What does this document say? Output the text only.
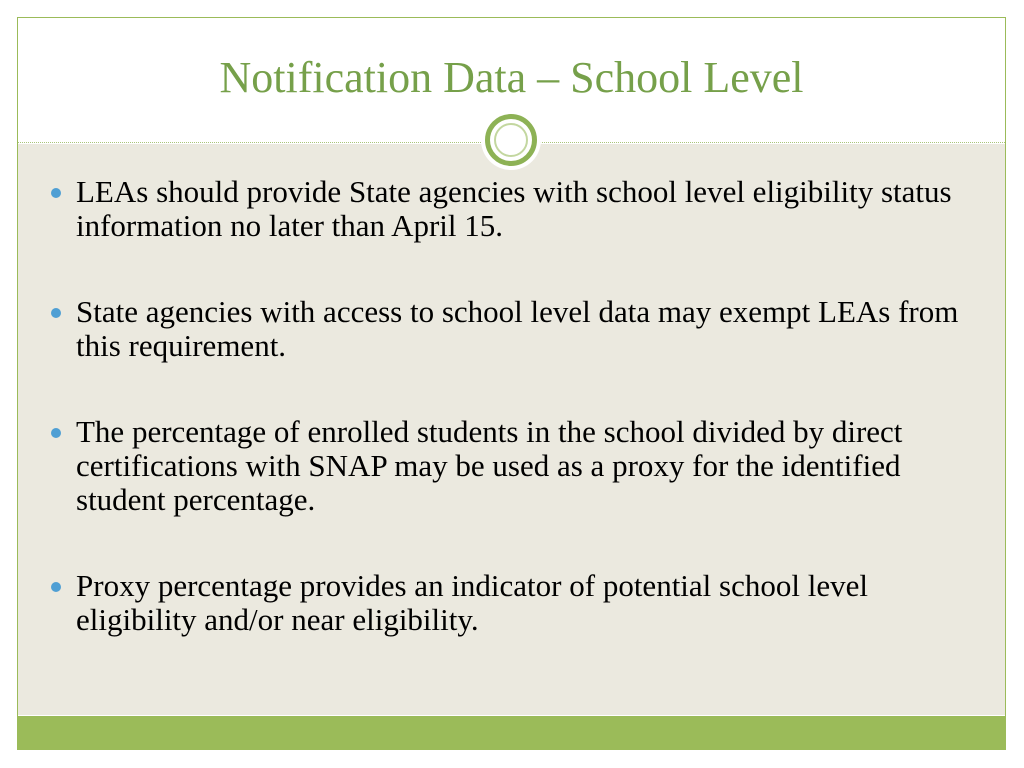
Notification Data – School Level
LEAs should provide State agencies with school level eligibility status information no later than April 15.
State agencies with access to school level data may exempt LEAs from this requirement.
The percentage of enrolled students in the school divided by direct certifications with SNAP may be used as a proxy for the identified student percentage.
Proxy percentage provides an indicator of potential school level eligibility and/or near eligibility.
